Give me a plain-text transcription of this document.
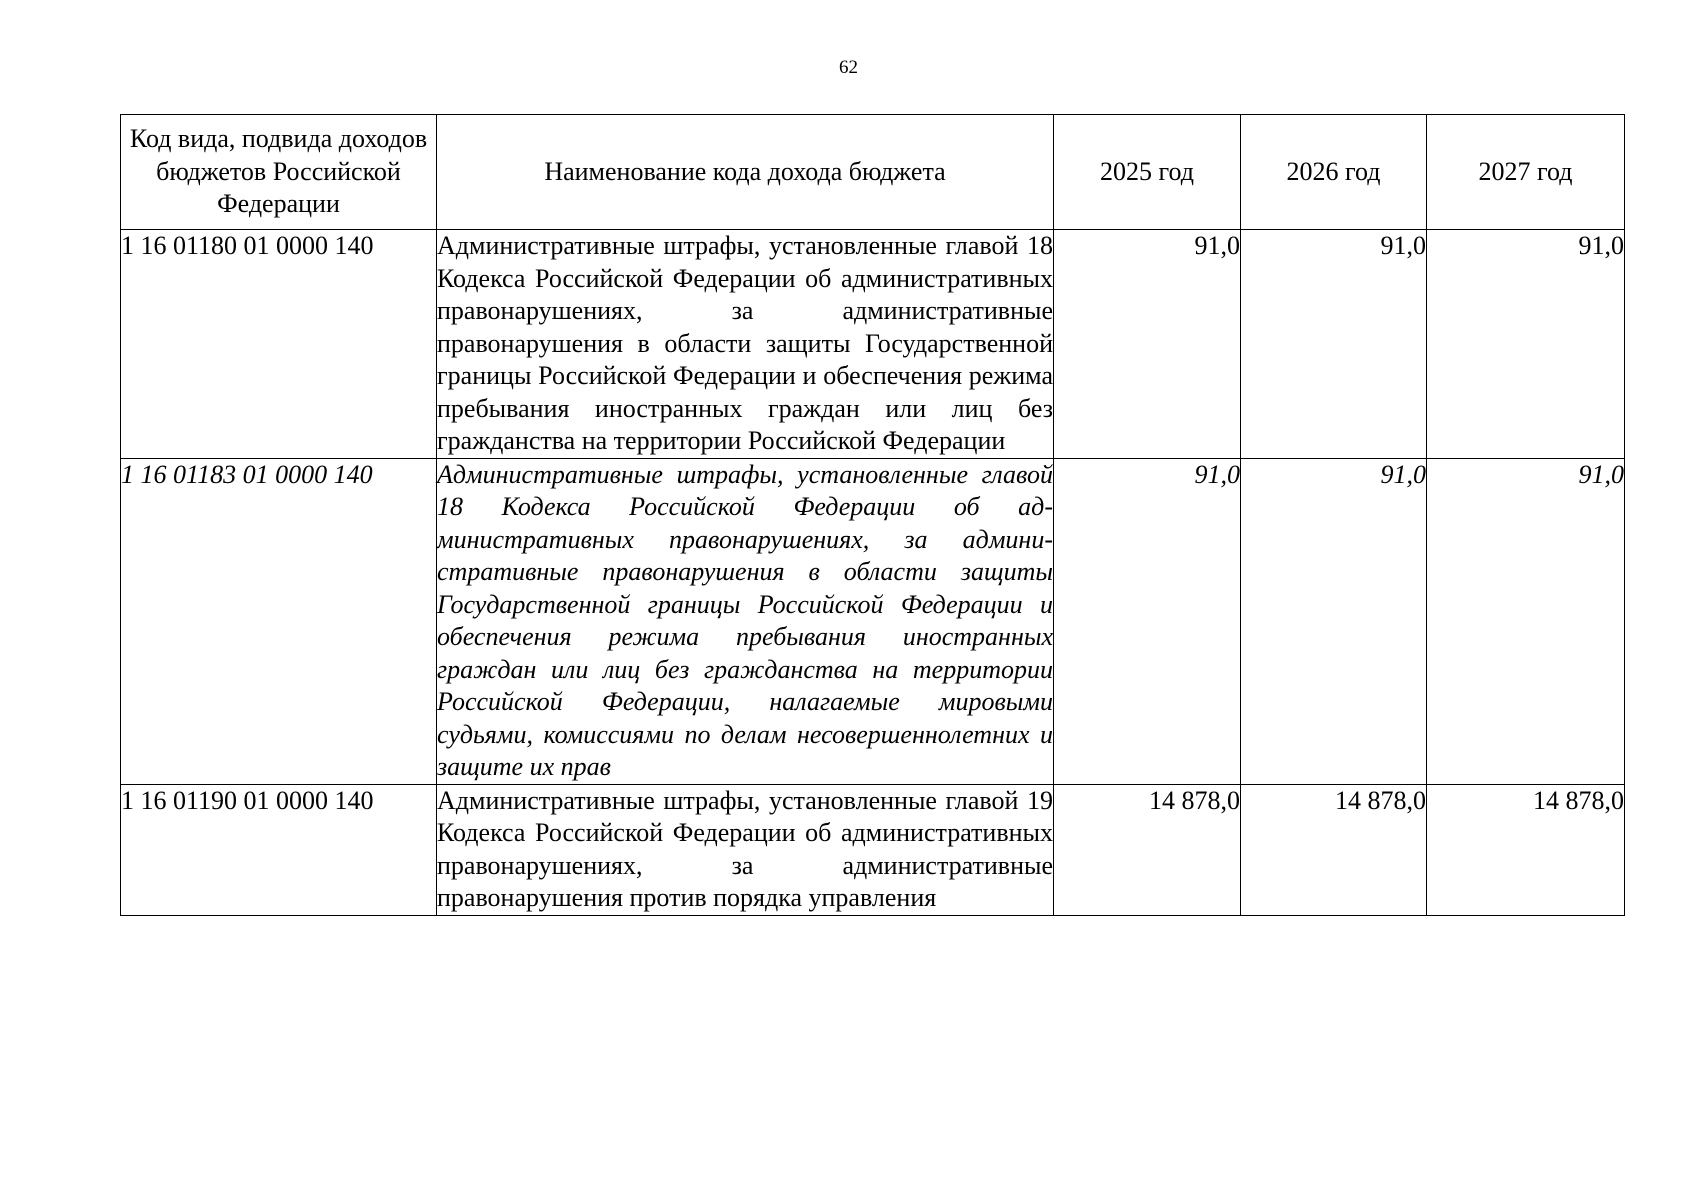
62
Код вида, подвида доходов бюджетов Российской Федерации	Наименование кода дохода бюджета	2025 год	2026 год	2027 год
1 16 01180 01 0000 140	Административные штрафы, установленные главой 18 Кодекса Российской Федерации об административных правонарушениях, за административные правонарушения в области защиты Государственной границы Российской Федерации и обеспечения режима пребывания иностранных граждан или лиц без гражданства на территории Российской Федерации	91,0	91,0	91,0
1 16 01183 01 0000 140	Административные штрафы, установленные главой 18 Кодекса Российской Федерации об административных правонарушениях, за административные правонарушения в области защиты Государственной границы Российской Федерации и обеспечения режима пребывания иностранных граждан или лиц без гражданства на территории Российской Федерации, налагаемые мировыми судьями, комиссиями по делам несовершеннолетних и защите их прав	91,0	91,0	91,0
1 16 01190 01 0000 140	Административные штрафы, установленные главой 19 Кодекса Российской Федерации об административных правонарушениях, за административные правонарушения против порядка управления	14 878,0	14 878,0	14 878,0
